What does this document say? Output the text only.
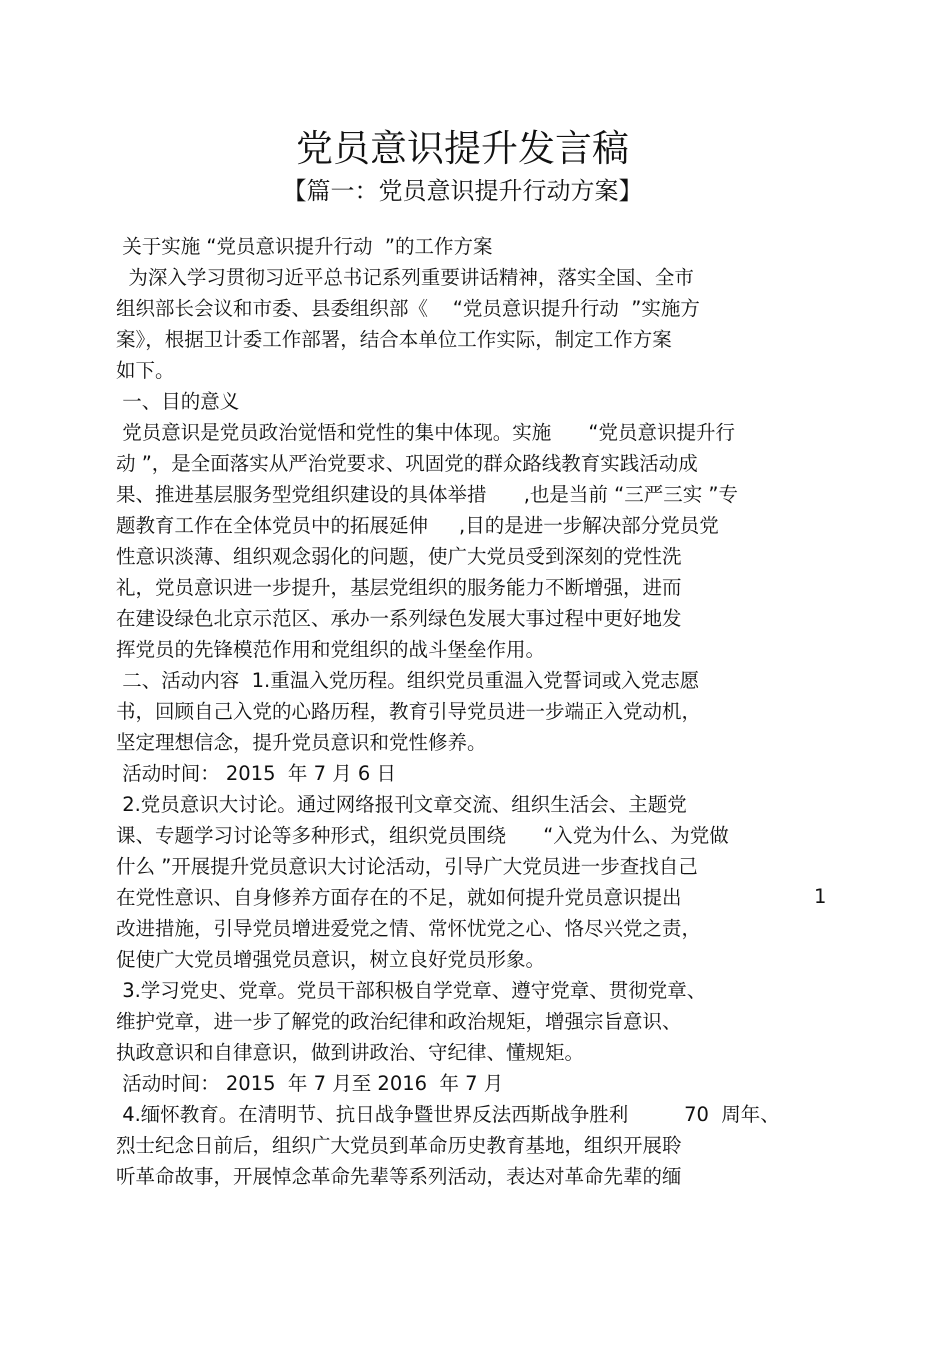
党员意识提升发言稿
【篇一：党员意识提升行动方案】
关于实施 “党员意识提升行动  ”的工作方案
为深入学习贯彻习近平总书记系列重要讲话精神，落实全国、全市
组织部长会议和市委、县委组织部《    “党员意识提升行动  ”实施方
案》，根据卫计委工作部署，结合本单位工作实际，制定工作方案
如下。
一、目的意义
党员意识是党员政治觉悟和党性的集中体现。实施      “党员意识提升行
动 ”，是全面落实从严治党要求、巩固党的群众路线教育实践活动成
果、推进基层服务型党组织建设的具体举措      ,也是当前 “三严三实 ”专
题教育工作在全体党员中的拓展延伸     ,目的是进一步解决部分党员党
性意识淡薄、组织观念弱化的问题，使广大党员受到深刻的党性洗
礼，党员意识进一步提升，基层党组织的服务能力不断增强，进而
在建设绿色北京示范区、承办一系列绿色发展大事过程中更好地发
挥党员的先锋模范作用和党组织的战斗堡垒作用。
二、活动内容  1.重温入党历程。组织党员重温入党誓词或入党志愿
书，回顾自己入党的心路历程，教育引导党员进一步端正入党动机，
坚定理想信念，提升党员意识和党性修养。
活动时间： 2015  年 7 月 6 日
2.党员意识大讨论。通过网络报刊文章交流、组织生活会、主题党
课、专题学习讨论等多种形式，组织党员围绕      “入党为什么、为党做
什么 ”开展提升党员意识大讨论活动，引导广大党员进一步查找自己
在党性意识、自身修养方面存在的不足，就如何提升党员意识提出
改进措施，引导党员增进爱党之情、常怀忧党之心、恪尽兴党之责，
促使广大党员增强党员意识，树立良好党员形象。
3.学习党史、党章。党员干部积极自学党章、遵守党章、贯彻党章、
维护党章，进一步了解党的政治纪律和政治规矩，增强宗旨意识、
执政意识和自律意识，做到讲政治、守纪律、懂规矩。
活动时间： 2015  年 7 月至 2016  年 7 月
4.缅怀教育。在清明节、抗日战争暨世界反法西斯战争胜利         70  周年、
烈士纪念日前后，组织广大党员到革命历史教育基地，组织开展聆
听革命故事，开展悼念革命先辈等系列活动，表达对革命先辈的缅
1
